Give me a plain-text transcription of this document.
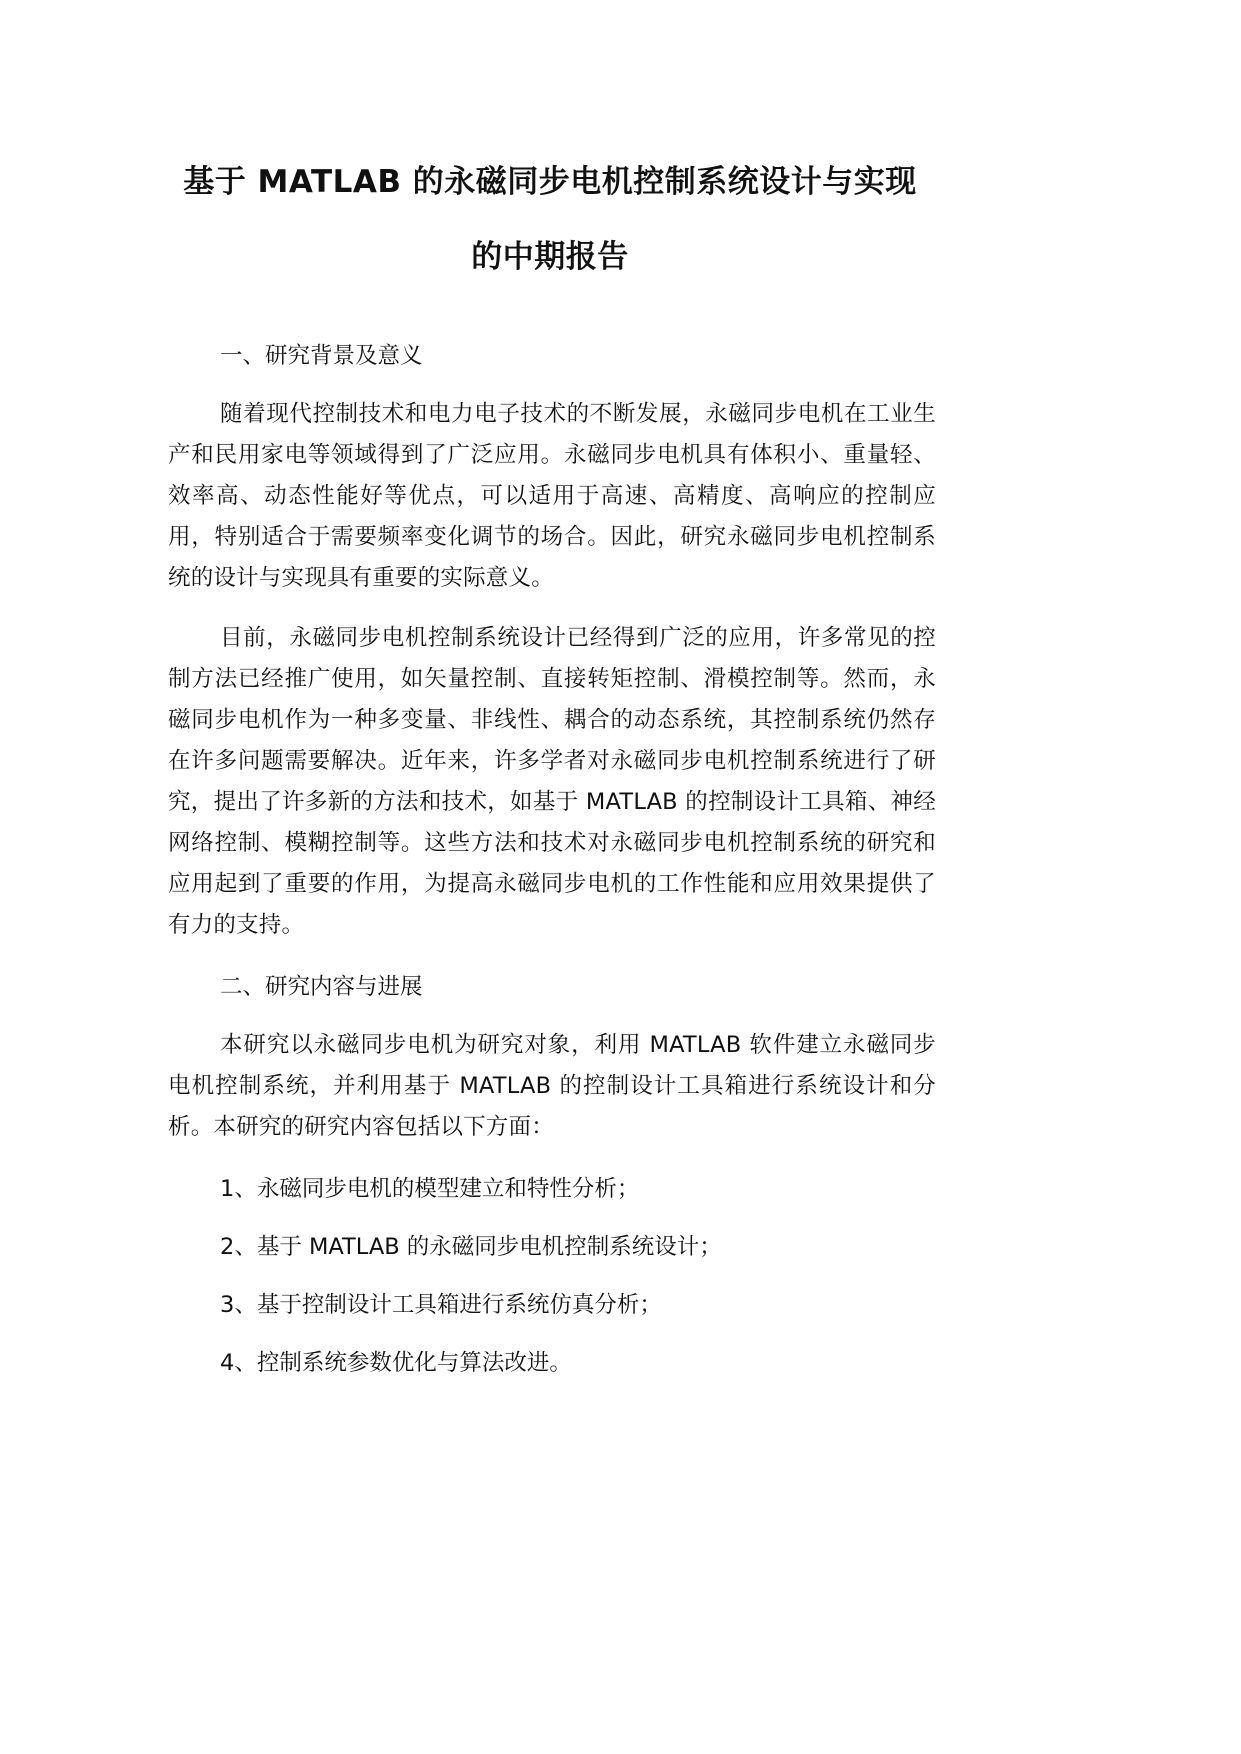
基于 MATLAB 的永磁同步电机控制系统设计与实现
的中期报告
一、研究背景及意义

随着现代控制技术和电力电子技术的不断发展，永磁同步电机在工业生产和民用家电等领域得到了广泛应用。永磁同步电机具有体积小、重量轻、效率高、动态性能好等优点，可以适用于高速、高精度、高响应的控制应用，特别适合于需要频率变化调节的场合。因此，研究永磁同步电机控制系统的设计与实现具有重要的实际意义。

目前，永磁同步电机控制系统设计已经得到广泛的应用，许多常见的控制方法已经推广使用，如矢量控制、直接转矩控制、滑模控制等。然而，永磁同步电机作为一种多变量、非线性、耦合的动态系统，其控制系统仍然存在许多问题需要解决。近年来，许多学者对永磁同步电机控制系统进行了研究，提出了许多新的方法和技术，如基于 MATLAB 的控制设计工具箱、神经网络控制、模糊控制等。这些方法和技术对永磁同步电机控制系统的研究和应用起到了重要的作用，为提高永磁同步电机的工作性能和应用效果提供了有力的支持。

二、研究内容与进展

本研究以永磁同步电机为研究对象，利用 MATLAB 软件建立永磁同步电机控制系统，并利用基于 MATLAB 的控制设计工具箱进行系统设计和分析。本研究的研究内容包括以下方面：

1、永磁同步电机的模型建立和特性分析；
2、基于 MATLAB 的永磁同步电机控制系统设计；
3、基于控制设计工具箱进行系统仿真分析；
4、控制系统参数优化与算法改进。
